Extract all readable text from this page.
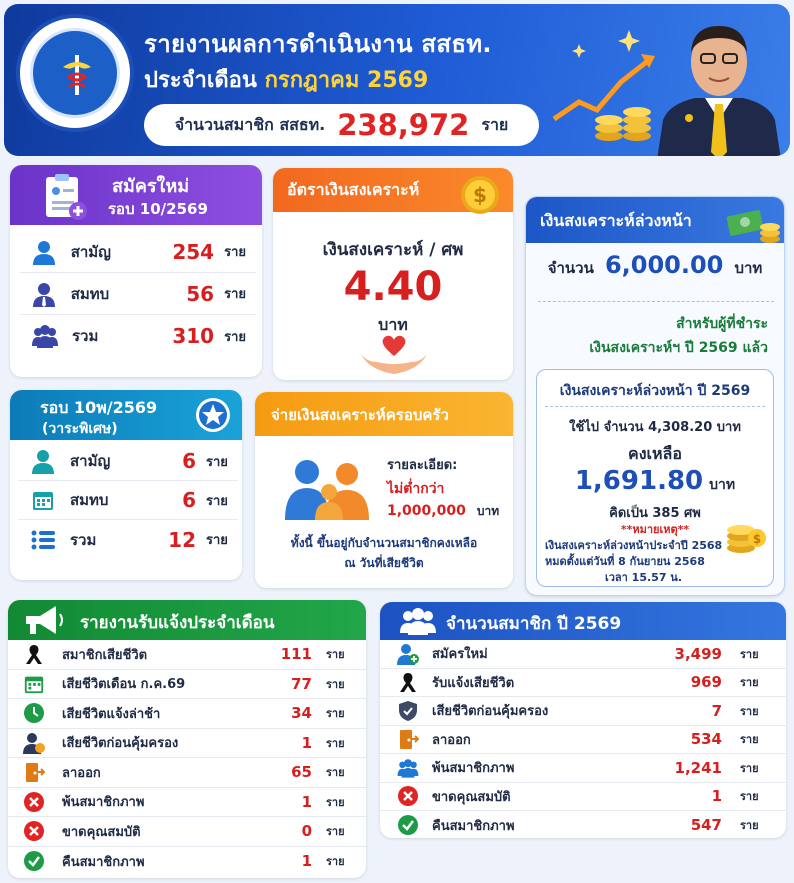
รายงานผลการดำเนินงาน สสธท.
ประจำเดือน กรกฎาคม 2569
จำนวนสมาชิก สสธท. 238,972 ราย
สมัครใหม่
รอบ 10/2569
สามัญ	254 ราย
สมทบ	56 ราย
รวม	310 ราย
รอบ 10พ/2569
(วาระพิเศษ)
สามัญ	6 ราย
สมทบ	6 ราย
รวม	12 ราย
อัตราเงินสงเคราะห์	$
เงินสงเคราะห์ / ศพ
4.40
บาท
จ่ายเงินสงเคราะห์ครอบครัว
รายละเอียด:
ไม่ต่ำกว่า
1,000,000 บาท
ทั้งนี้ ขึ้นอยู่กับจำนวนสมาชิกคงเหลือ
ณ วันที่เสียชีวิต
เงินสงเคราะห์ล่วงหน้า
จำนวน 6,000.00 บาท
สำหรับผู้ที่ชำระ
เงินสงเคราะห์ฯ ปี 2569 แล้ว
เงินสงเคราะห์ล่วงหน้า ปี 2569
ใช้ไป จำนวน 4,308.20 บาท
คงเหลือ
1,691.80 บาท
คิดเป็น 385 ศพ
**หมายเหตุ**
เงินสงเคราะห์ล่วงหน้าประจำปี 2568
หมดตั้งแต่วันที่ 8 กันยายน 2568
เวลา 15.57 น.
$
รายงานรับแจ้งประจำเดือน
สมาชิกเสียชีวิต	111 ราย
เสียชีวิตเดือน ก.ค.69	77 ราย
เสียชีวิตแจ้งล่าช้า	34 ราย
เสียชีวิตก่อนคุ้มครอง	1 ราย
ลาออก	65 ราย
พ้นสมาชิกภาพ	1 ราย
ขาดคุณสมบัติ	0 ราย
คืนสมาชิกภาพ	1 ราย
จำนวนสมาชิก ปี 2569
สมัครใหม่	3,499 ราย
รับแจ้งเสียชีวิต	969 ราย
เสียชีวิตก่อนคุ้มครอง	7 ราย
ลาออก	534 ราย
พ้นสมาชิกภาพ	1,241 ราย
ขาดคุณสมบัติ	1 ราย
คืนสมาชิกภาพ	547 ราย
